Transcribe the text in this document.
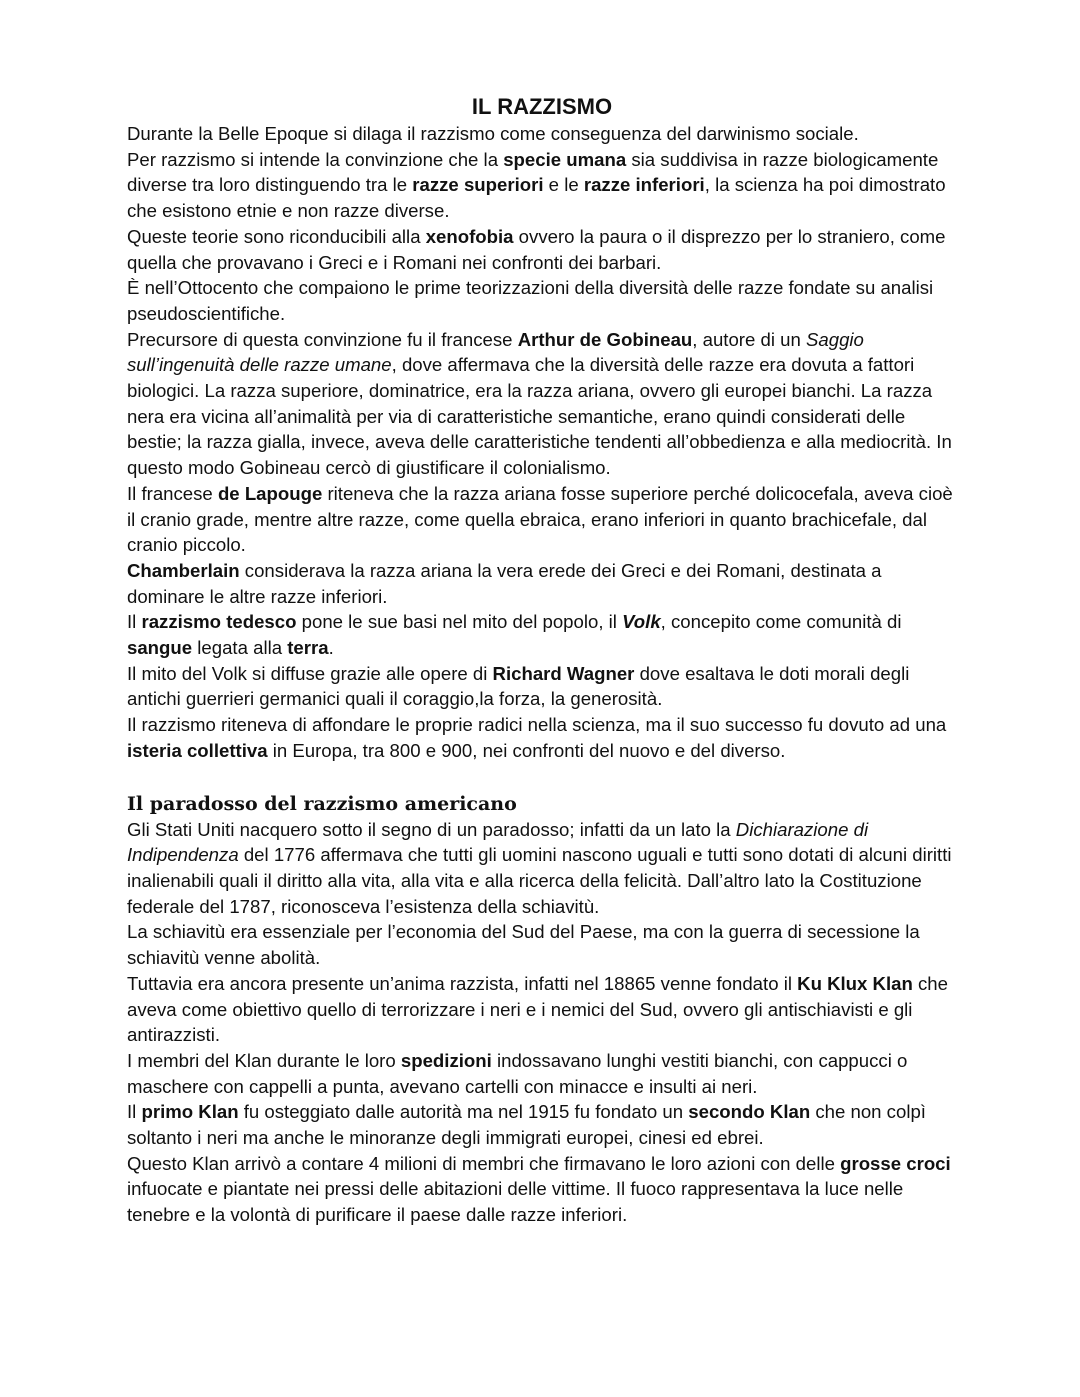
IL RAZZISMO

Durante la Belle Epoque si dilaga il razzismo come conseguenza del darwinismo sociale.

Per razzismo si intende la convinzione che la specie umana sia suddivisa in razze biologicamente diverse tra loro distinguendo tra le razze superiori e le razze inferiori, la scienza ha poi dimostrato che esistono etnie e non razze diverse.

Queste teorie sono riconducibili alla xenofobia ovvero la paura o il disprezzo per lo straniero, come quella che provavano i Greci e i Romani nei confronti dei barbari.

È nell’Ottocento che compaiono le prime teorizzazioni della diversità delle razze fondate su analisi pseudoscientifiche.

Precursore di questa convinzione fu il francese Arthur de Gobineau, autore di un Saggio sull’ingenuità delle razze umane, dove affermava che la diversità delle razze era dovuta a fattori biologici. La razza superiore, dominatrice, era la razza ariana, ovvero gli europei bianchi. La razza nera era vicina all’animalità per via di caratteristiche semantiche, erano quindi considerati delle bestie; la razza gialla, invece, aveva delle caratteristiche tendenti all’obbedienza e alla mediocrità. In questo modo Gobineau cercò di giustificare il colonialismo.

Il francese de Lapouge riteneva che la razza ariana fosse superiore perché dolicocefala, aveva cioè il cranio grade, mentre altre razze, come quella ebraica, erano inferiori in quanto brachicefale, dal cranio piccolo.

Chamberlain considerava la razza ariana la vera erede dei Greci e dei Romani, destinata a dominare le altre razze inferiori.

Il razzismo tedesco pone le sue basi nel mito del popolo, il Volk, concepito come comunità di sangue legata alla terra.

Il mito del Volk si diffuse grazie alle opere di Richard Wagner dove esaltava le doti morali degli antichi guerrieri germanici quali il coraggio,la forza, la generosità.

Il razzismo riteneva di affondare le proprie radici nella scienza, ma il suo successo fu dovuto ad una isteria collettiva in Europa, tra 800 e 900, nei confronti del nuovo e del diverso.

Il paradosso del razzismo americano

Gli Stati Uniti nacquero sotto il segno di un paradosso; infatti da un lato la Dichiarazione di Indipendenza del 1776 affermava che tutti gli uomini nascono uguali e tutti sono dotati di alcuni diritti inalienabili quali il diritto alla vita, alla vita e alla ricerca della felicità. Dall’altro lato la Costituzione federale del 1787, riconosceva l’esistenza della schiavitù.

La schiavitù era essenziale per l’economia del Sud del Paese, ma con la guerra di secessione la schiavitù venne abolità.

Tuttavia era ancora presente un’anima razzista, infatti nel 18865 venne fondato il Ku Klux Klan che aveva come obiettivo quello di terrorizzare i neri e i nemici del Sud, ovvero gli antischiavisti e gli antirazzisti.

I membri del Klan durante le loro spedizioni indossavano lunghi vestiti bianchi, con cappucci o maschere con cappelli a punta, avevano cartelli con minacce e insulti ai neri.

Il primo Klan fu osteggiato dalle autorità ma nel 1915 fu fondato un secondo Klan che non colpì soltanto i neri ma anche le minoranze degli immigrati europei, cinesi ed ebrei.

Questo Klan arrivò a contare 4 milioni di membri che firmavano le loro azioni con delle grosse croci infuocate e piantate nei pressi delle abitazioni delle vittime. Il fuoco rappresentava la luce nelle tenebre e la volontà di purificare il paese dalle razze inferiori.
